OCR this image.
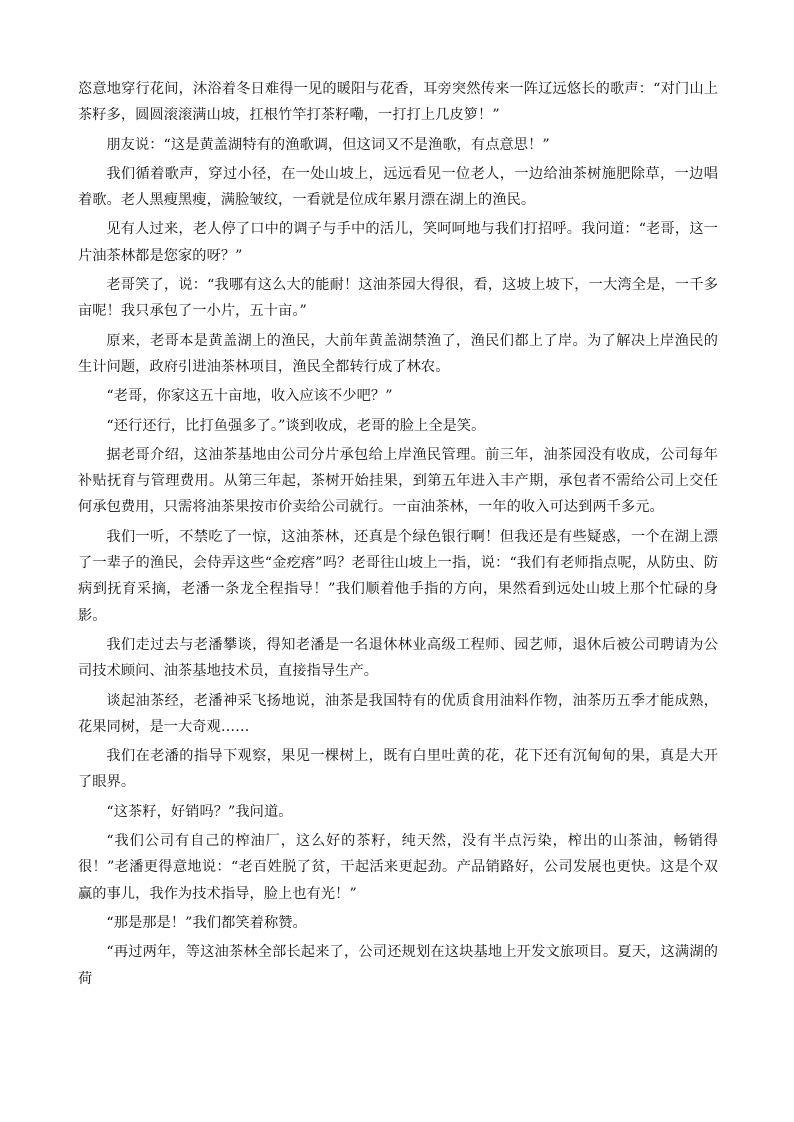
恣意地穿行花间，沐浴着冬日难得一见的暖阳与花香，耳旁突然传来一阵辽远悠长的歌声：“对门山上茶籽多，圆圆滚滚满山坡，扛根竹竿打茶籽嘞，一打打上几皮箩！”

朋友说：“这是黄盖湖特有的渔歌调，但这词又不是渔歌，有点意思！”

我们循着歌声，穿过小径，在一处山坡上，远远看见一位老人，一边给油茶树施肥除草，一边唱着歌。老人黑瘦黑瘦，满脸皱纹，一看就是位成年累月漂在湖上的渔民。

见有人过来，老人停了口中的调子与手中的活儿，笑呵呵地与我们打招呼。我问道：“老哥，这一片油茶林都是您家的呀？”

老哥笑了，说：“我哪有这么大的能耐！这油茶园大得很，看，这坡上坡下，一大湾全是，一千多亩呢！我只承包了一小片，五十亩。”

原来，老哥本是黄盖湖上的渔民，大前年黄盖湖禁渔了，渔民们都上了岸。为了解决上岸渔民的生计问题，政府引进油茶林项目，渔民全都转行成了林农。

“老哥，你家这五十亩地，收入应该不少吧？”

“还行还行，比打鱼强多了。”谈到收成，老哥的脸上全是笑。

据老哥介绍，这油茶基地由公司分片承包给上岸渔民管理。前三年，油茶园没有收成，公司每年补贴抚育与管理费用。从第三年起，茶树开始挂果，到第五年进入丰产期，承包者不需给公司上交任何承包费用，只需将油茶果按市价卖给公司就行。一亩油茶林，一年的收入可达到两千多元。

我们一听，不禁吃了一惊，这油茶林，还真是个绿色银行啊！但我还是有些疑惑，一个在湖上漂了一辈子的渔民，会侍弄这些“金疙瘩”吗？老哥往山坡上一指，说：“我们有老师指点呢，从防虫、防病到抚育采摘，老潘一条龙全程指导！”我们顺着他手指的方向，果然看到远处山坡上那个忙碌的身影。

我们走过去与老潘攀谈，得知老潘是一名退休林业高级工程师、园艺师，退休后被公司聘请为公司技术顾问、油茶基地技术员，直接指导生产。

谈起油茶经，老潘神采飞扬地说，油茶是我国特有的优质食用油料作物，油茶历五季才能成熟，花果同树，是一大奇观……

我们在老潘的指导下观察，果见一棵树上，既有白里吐黄的花，花下还有沉甸甸的果，真是大开了眼界。

“这茶籽，好销吗？”我问道。

“我们公司有自己的榨油厂，这么好的茶籽，纯天然，没有半点污染，榨出的山茶油，畅销得很！”老潘更得意地说：“老百姓脱了贫，干起活来更起劲。产品销路好，公司发展也更快。这是个双赢的事儿，我作为技术指导，脸上也有光！”

“那是那是！”我们都笑着称赞。

“再过两年，等这油茶林全部长起来了，公司还规划在这块基地上开发文旅项目。夏天，这满湖的荷
